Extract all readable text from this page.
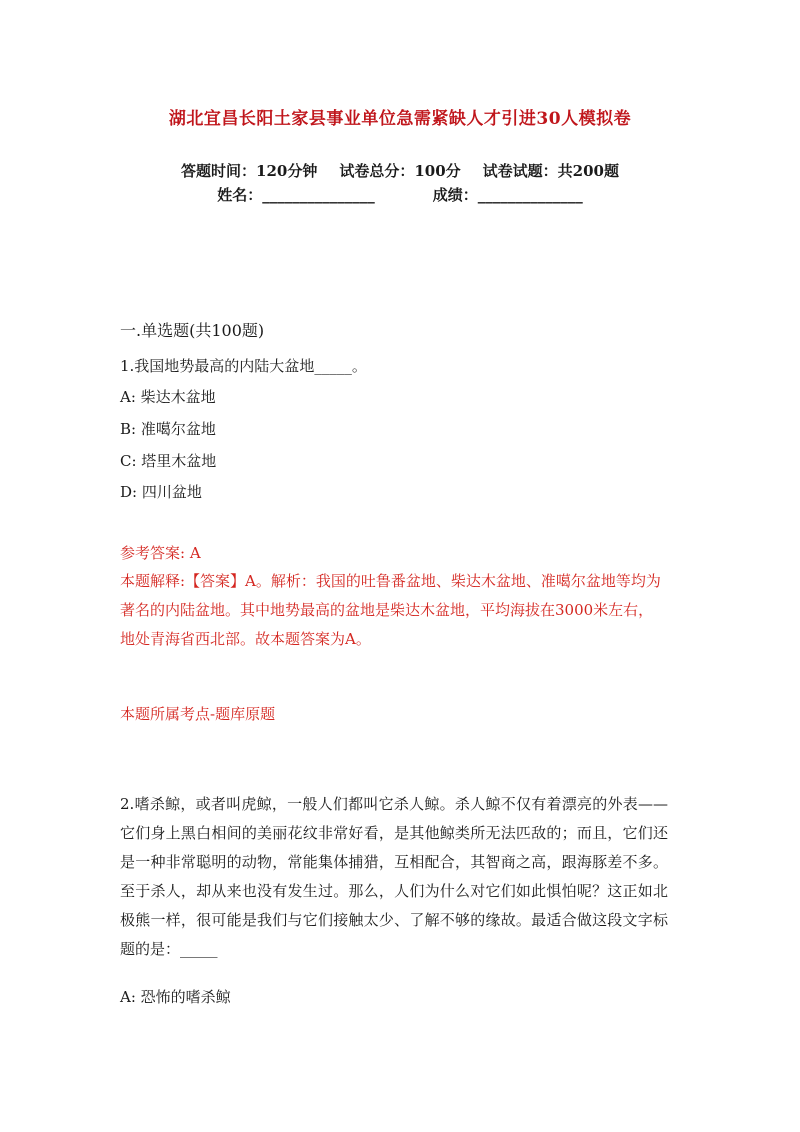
湖北宜昌长阳土家县事业单位急需紧缺人才引进30人模拟卷
答题时间：120分钟 试卷总分：100分 试卷试题：共200题
姓名：_______________	成绩：______________
一.单选题(共100题)
1.我国地势最高的内陆大盆地_____。
A: 柴达木盆地
B: 准噶尔盆地
C: 塔里木盆地
D: 四川盆地
参考答案: A
本题解释:【答案】A。解析：我国的吐鲁番盆地、柴达木盆地、准噶尔盆地等均为著名的内陆盆地。其中地势最高的盆地是柴达木盆地，平均海拔在3000米左右，地处青海省西北部。故本题答案为A。
本题所属考点-题库原题
2.嗜杀鲸，或者叫虎鲸，一般人们都叫它杀人鲸。杀人鲸不仅有着漂亮的外表——它们身上黑白相间的美丽花纹非常好看，是其他鲸类所无法匹敌的；而且，它们还是一种非常聪明的动物，常能集体捕猎，互相配合，其智商之高，跟海豚差不多。至于杀人，却从来也没有发生过。那么，人们为什么对它们如此惧怕呢？这正如北极熊一样，很可能是我们与它们接触太少、了解不够的缘故。最适合做这段文字标题的是：_____
A: 恐怖的嗜杀鲸
